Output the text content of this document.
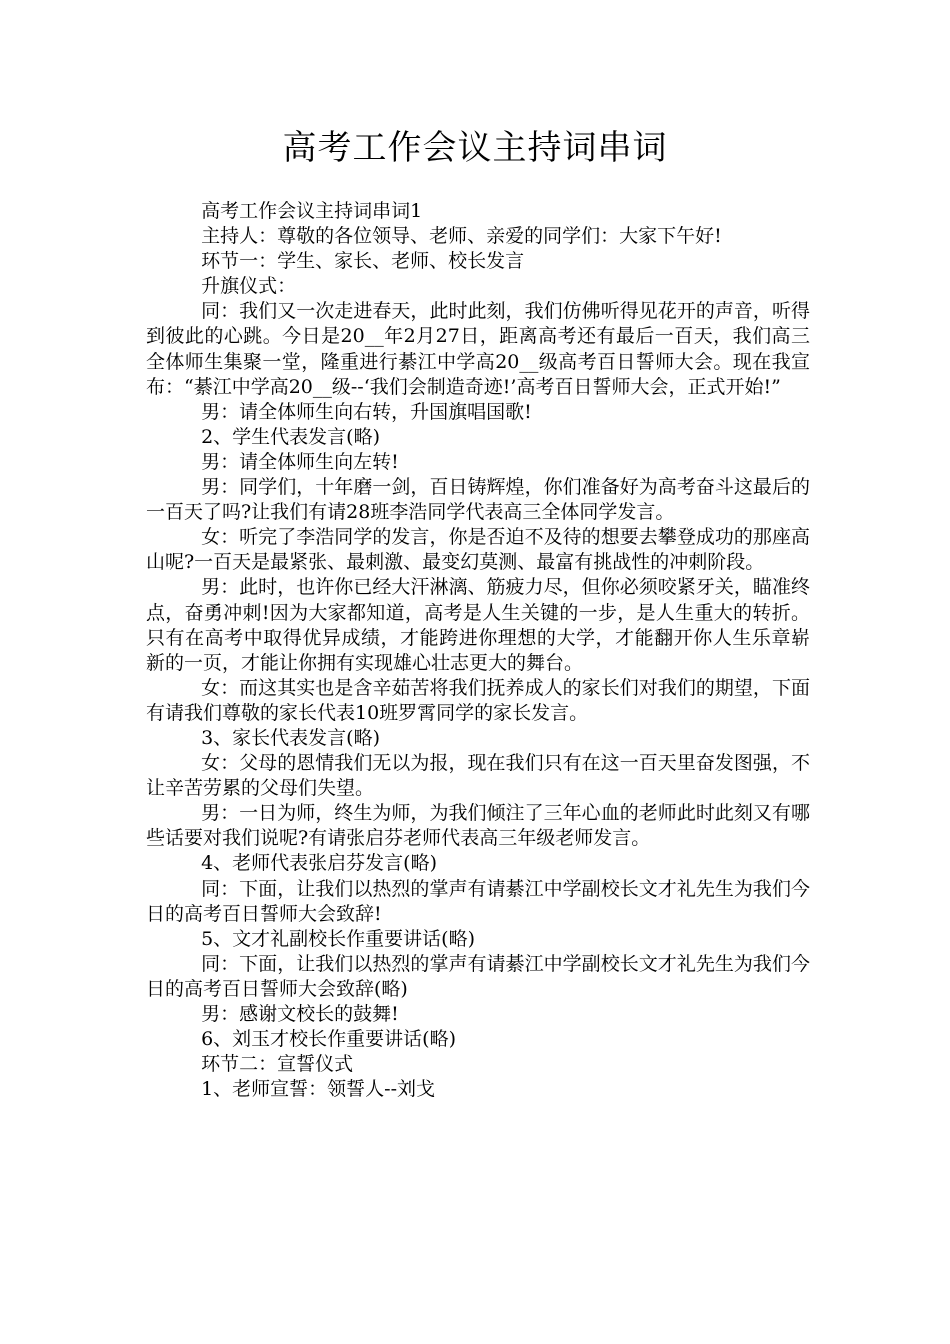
高考工作会议主持词串词

高考工作会议主持词串词1

主持人：尊敬的各位领导、老师、亲爱的同学们：大家下午好!

环节一：学生、家长、老师、校长发言

升旗仪式：

同：我们又一次走进春天，此时此刻，我们仿佛听得见花开的声音，听得到彼此的心跳。今日是20__年2月27日，距离高考还有最后一百天，我们高三全体师生集聚一堂，隆重进行綦江中学高20__级高考百日誓师大会。现在我宣布：“綦江中学高20__级--‘我们会制造奇迹!’高考百日誓师大会，正式开始!”

男：请全体师生向右转，升国旗唱国歌!

2、学生代表发言(略)

男：请全体师生向左转!

男：同学们，十年磨一剑，百日铸辉煌，你们准备好为高考奋斗这最后的一百天了吗?让我们有请28班李浩同学代表高三全体同学发言。

女：听完了李浩同学的发言，你是否迫不及待的想要去攀登成功的那座高山呢?一百天是最紧张、最刺激、最变幻莫测、最富有挑战性的冲刺阶段。

男：此时，也许你已经大汗淋漓、筋疲力尽，但你必须咬紧牙关，瞄准终点，奋勇冲刺!因为大家都知道，高考是人生关键的一步，是人生重大的转折。只有在高考中取得优异成绩，才能跨进你理想的大学，才能翻开你人生乐章崭新的一页，才能让你拥有实现雄心壮志更大的舞台。

女：而这其实也是含辛茹苦将我们抚养成人的家长们对我们的期望，下面有请我们尊敬的家长代表10班罗霄同学的家长发言。

3、家长代表发言(略)

女：父母的恩情我们无以为报，现在我们只有在这一百天里奋发图强，不让辛苦劳累的父母们失望。

男：一日为师，终生为师，为我们倾注了三年心血的老师此时此刻又有哪些话要对我们说呢?有请张启芬老师代表高三年级老师发言。

4、老师代表张启芬发言(略)

同：下面，让我们以热烈的掌声有请綦江中学副校长文才礼先生为我们今日的高考百日誓师大会致辞!

5、文才礼副校长作重要讲话(略)

同：下面，让我们以热烈的掌声有请綦江中学副校长文才礼先生为我们今日的高考百日誓师大会致辞(略)

男：感谢文校长的鼓舞!

6、刘玉才校长作重要讲话(略)

环节二：宣誓仪式

1、老师宣誓：领誓人--刘戈
